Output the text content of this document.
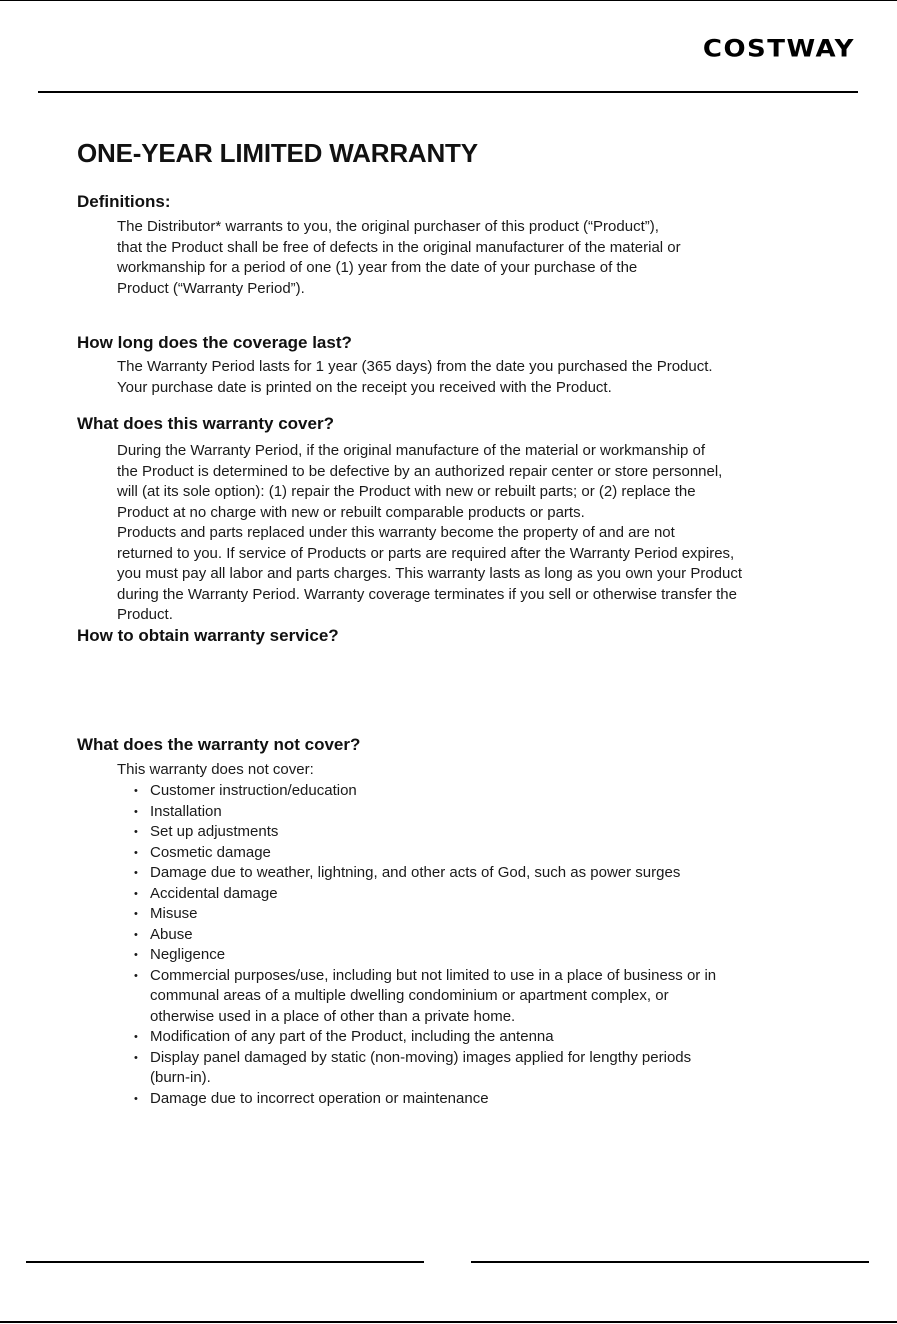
COSTWAY
ONE-YEAR LIMITED WARRANTY
Definitions:

The Distributor* warrants to you, the original purchaser of this product (“Product”),
that the Product shall be free of defects in the original manufacturer of the material or
workmanship for a period of one (1) year from the date of your purchase of the
Product (“Warranty Period”).

How long does the coverage last?

The Warranty Period lasts for 1 year (365 days) from the date you purchased the Product.
Your purchase date is printed on the receipt you received with the Product.

What does this warranty cover?

During the Warranty Period, if the original manufacture of the material or workmanship of
the Product is determined to be defective by an authorized repair center or store personnel,
will (at its sole option): (1) repair the Product with new or rebuilt parts; or (2) replace the
Product at no charge with new or rebuilt comparable products or parts.
Products and parts replaced under this warranty become the property of and are not
returned to you. If service of Products or parts are required after the Warranty Period expires,
you must pay all labor and parts charges. This warranty lasts as long as you own your Product
during the Warranty Period. Warranty coverage terminates if you sell or otherwise transfer the
Product.

How to obtain warranty service?
What does the warranty not cover?

This warranty does not cover:

• Customer instruction/education
• Installation
• Set up adjustments
• Cosmetic damage
• Damage due to weather, lightning, and other acts of God, such as power surges
• Accidental damage
• Misuse
• Abuse
• Negligence
• Commercial purposes/use, including but not limited to use in a place of business or in
communal areas of a multiple dwelling condominium or apartment complex, or
otherwise used in a place of other than a private home.
• Modification of any part of the Product, including the antenna
• Display panel damaged by static (non-moving) images applied for lengthy periods
(burn-in).
• Damage due to incorrect operation or maintenance
